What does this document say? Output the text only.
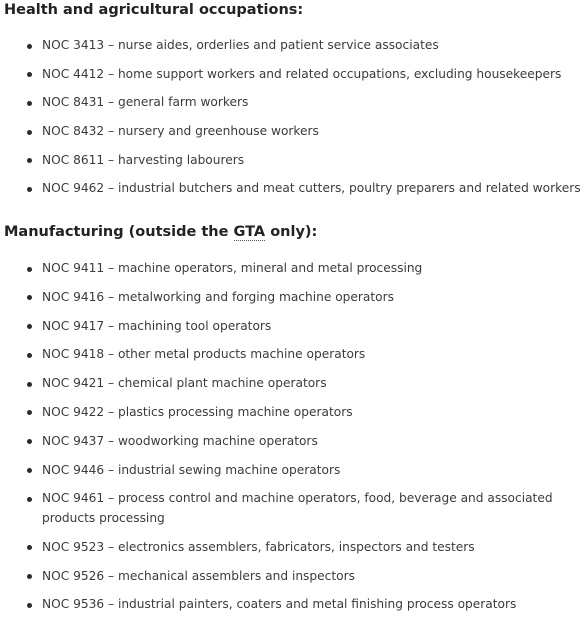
Health and agricultural occupations:
NOC 3413 – nurse aides, orderlies and patient service associates
NOC 4412 – home support workers and related occupations, excluding housekeepers
NOC 8431 – general farm workers
NOC 8432 – nursery and greenhouse workers
NOC 8611 – harvesting labourers
NOC 9462 – industrial butchers and meat cutters, poultry preparers and related workers
Manufacturing (outside the GTA only):
NOC 9411 – machine operators, mineral and metal processing
NOC 9416 – metalworking and forging machine operators
NOC 9417 – machining tool operators
NOC 9418 – other metal products machine operators
NOC 9421 – chemical plant machine operators
NOC 9422 – plastics processing machine operators
NOC 9437 – woodworking machine operators
NOC 9446 – industrial sewing machine operators
NOC 9461 – process control and machine operators, food, beverage and associated products processing
NOC 9523 – electronics assemblers, fabricators, inspectors and testers
NOC 9526 – mechanical assemblers and inspectors
NOC 9536 – industrial painters, coaters and metal finishing process operators
